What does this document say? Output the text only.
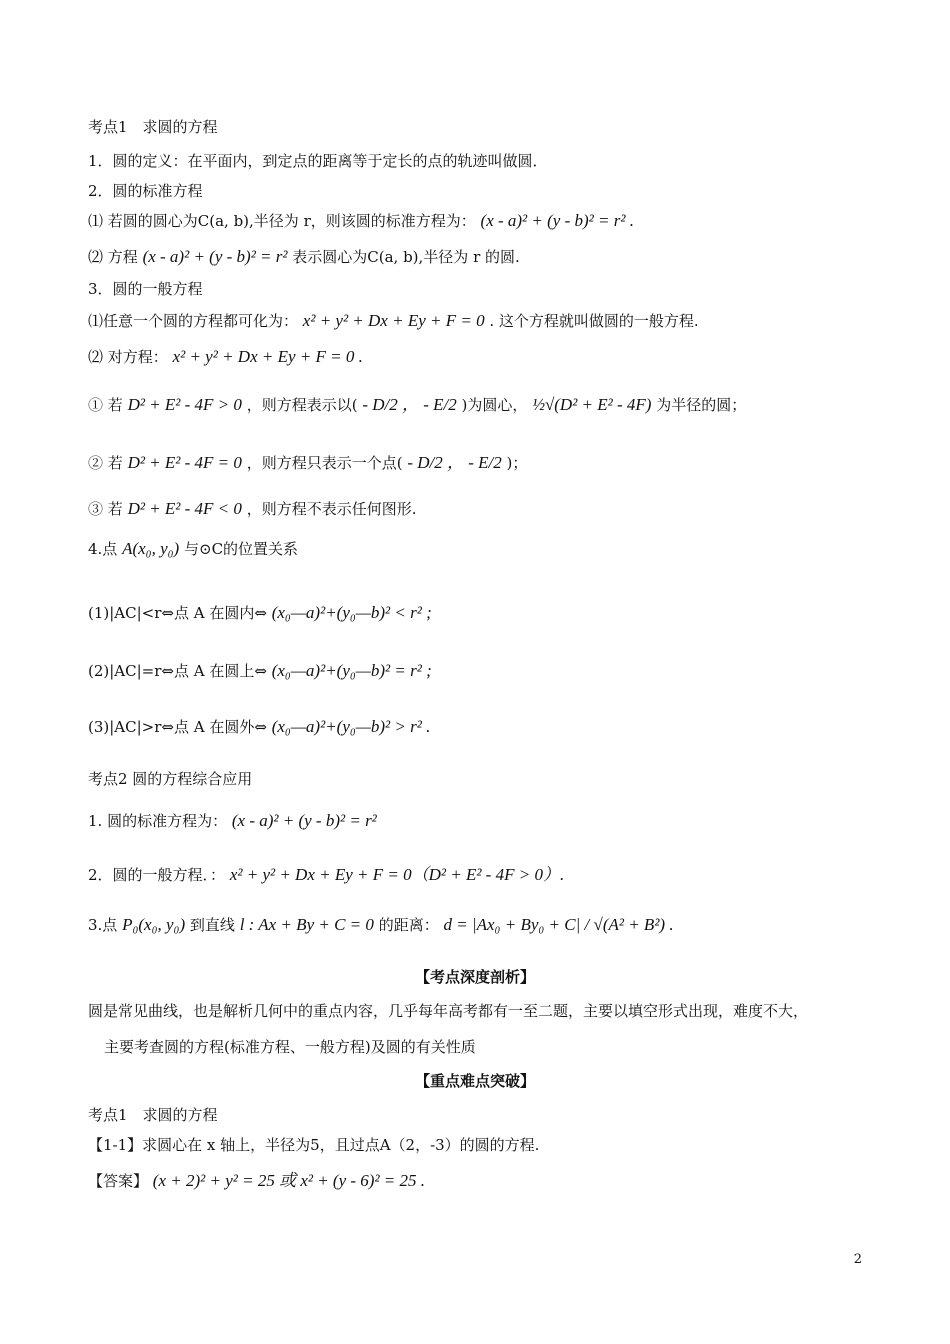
考点1　求圆的方程
1．圆的定义：在平面内，到定点的距离等于定长的点的轨迹叫做圆．
2．圆的标准方程
⑴ 若圆的圆心为C(a, b),半径为 r，则该圆的标准方程为： (x - a)² + (y - b)² = r² .
⑵ 方程 (x - a)² + (y - b)² = r² 表示圆心为C(a, b),半径为 r 的圆.
3．圆的一般方程
⑴任意一个圆的方程都可化为： x² + y² + Dx + Ey + F = 0 . 这个方程就叫做圆的一般方程.
⑵ 对方程： x² + y² + Dx + Ey + F = 0 .
① 若 D² + E² - 4F > 0 ，则方程表示以( - D/2 ， - E/2 )为圆心， ½√(D² + E² - 4F) 为半径的圆；
② 若 D² + E² - 4F = 0 ，则方程只表示一个点( - D/2 ， - E/2 )；
③ 若 D² + E² - 4F < 0 ，则方程不表示任何图形.
4.点 A(x₀, y₀) 与⊙C的位置关系
(1)|AC|<r⇔点 A 在圆内⇔ (x₀—a)²+(y₀—b)² < r² ;
(2)|AC|=r⇔点 A 在圆上⇔ (x₀—a)²+(y₀—b)² = r² ;
(3)|AC|>r⇔点 A 在圆外⇔ (x₀—a)²+(y₀—b)² > r² .
考点2 圆的方程综合应用
1. 圆的标准方程为： (x - a)² + (y - b)² = r²
2．圆的一般方程．： x² + y² + Dx + Ey + F = 0（D² + E² - 4F > 0）.
3.点 P₀(x₀, y₀) 到直线 l : Ax + By + C = 0 的距离： d = |Ax₀ + By₀ + C| / √(A² + B²) .
【考点深度剖析】
圆是常见曲线，也是解析几何中的重点内容，几乎每年高考都有一至二题，主要以填空形式出现，难度不大，
主要考查圆的方程(标准方程、一般方程)及圆的有关性质
【重点难点突破】
考点1　求圆的方程
【1-1】求圆心在 x 轴上，半径为5，且过点A（2，-3）的圆的方程.
【答案】 (x + 2)² + y² = 25 或 x² + (y - 6)² = 25 .
2
